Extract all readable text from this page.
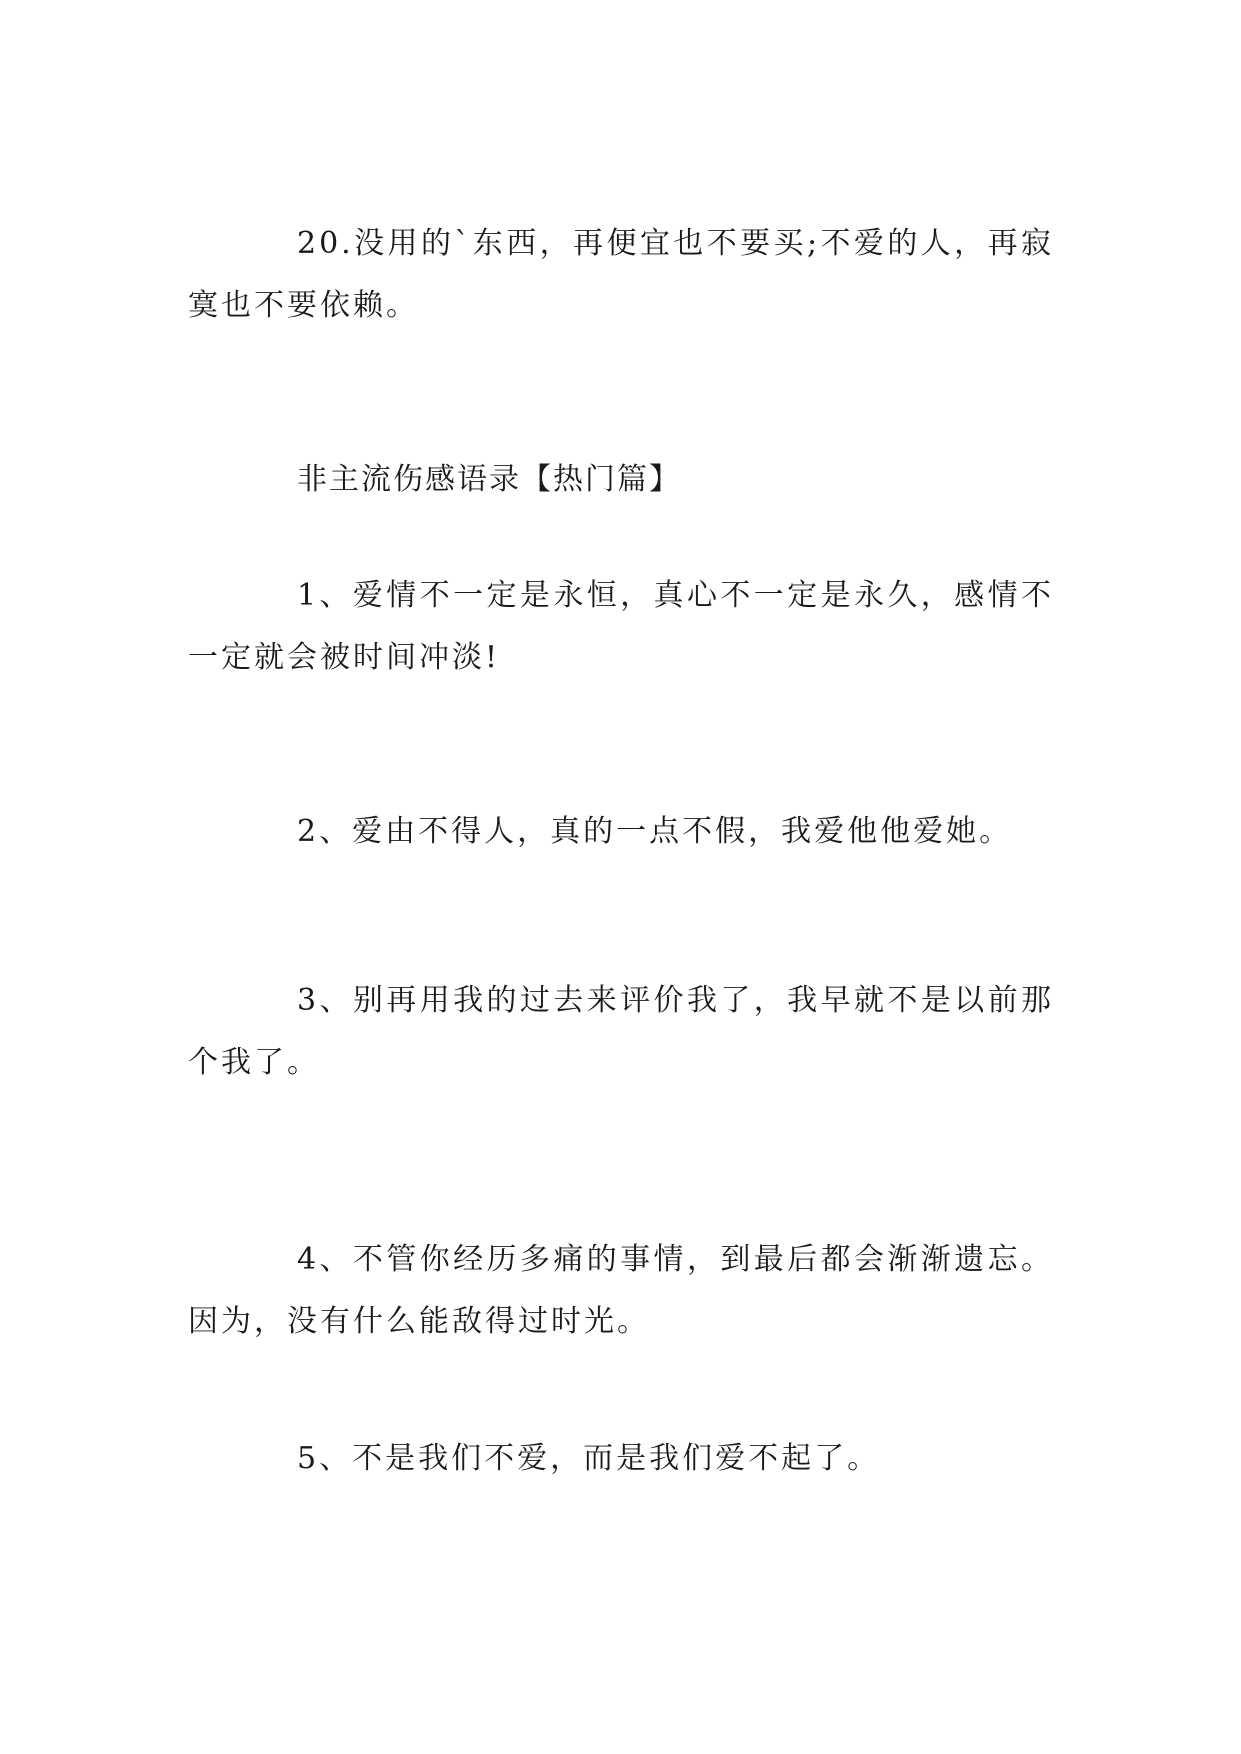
20.没用的`东西，再便宜也不要买;不爱的人，再寂寞也不要依赖。

非主流伤感语录【热门篇】

1、爱情不一定是永恒，真心不一定是永久，感情不一定就会被时间冲淡!

2、爱由不得人，真的一点不假，我爱他他爱她。

3、别再用我的过去来评价我了，我早就不是以前那个我了。

4、不管你经历多痛的事情，到最后都会渐渐遗忘。因为，没有什么能敌得过时光。

5、不是我们不爱，而是我们爱不起了。
